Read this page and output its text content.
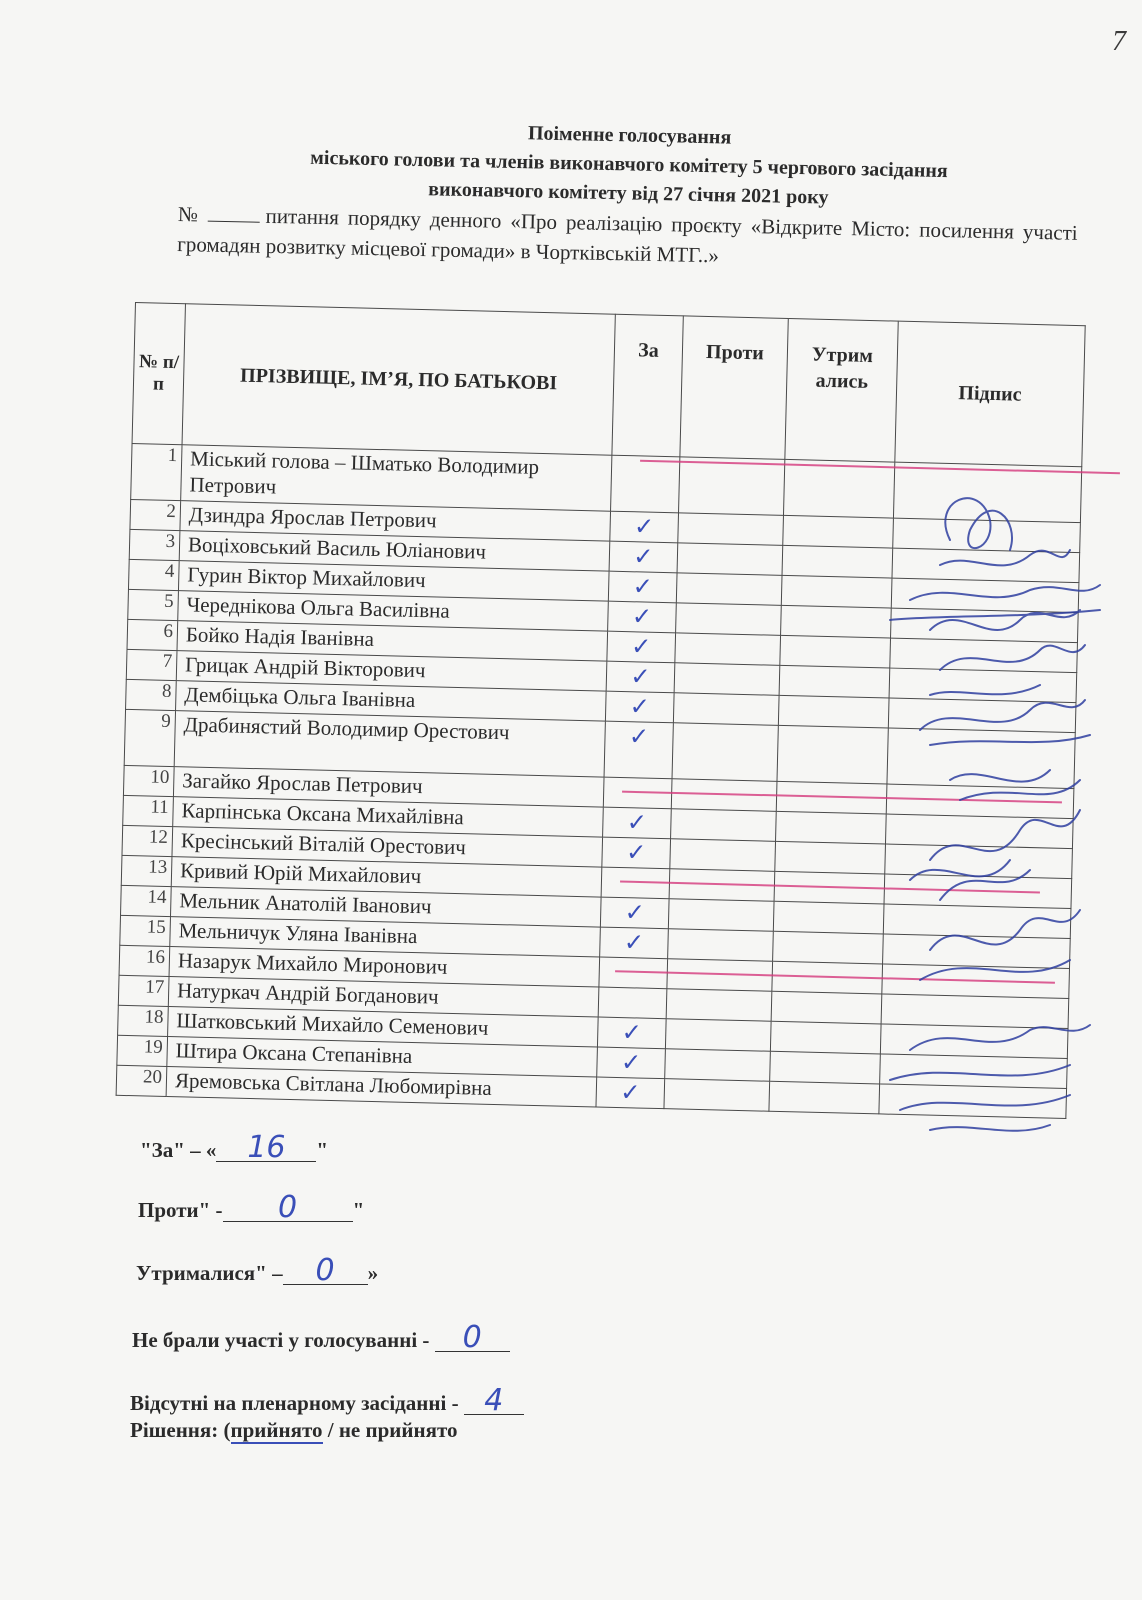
7
Поіменне голосування
міського голови та членів виконавчого комітету 5 чергового засідання
виконавчого комітету від 27 січня 2021 року
№	питання порядку денного «Про реалізацію проєкту «Відкрите Місто: посилення участі громадян розвитку місцевої громади» в Чортківській МТГ..»
№ п/п	ПРІЗВИЩЕ, ІМ’Я, ПО БАТЬКОВІ	За	Проти	Утрим ались	Підпис
1	Міський голова – Шматько Володимир Петрович				
2	Дзиндра Ярослав Петрович	✓			
3	Воціховський Василь Юліанович	✓			
4	Гурин Віктор Михайлович	✓			
5	Череднікова Ольга Василівна	✓			
6	Бойко Надія Іванівна	✓			
7	Грицак Андрій Вікторович	✓			
8	Дембіцька Ольга Іванівна	✓			
9	Драбинястий Володимир Орестович	✓			
10	Загайко Ярослав Петрович				
11	Карпінська Оксана Михайлівна	✓			
12	Кресінський Віталій Орестович	✓			
13	Кривий Юрій Михайлович				
14	Мельник Анатолій Іванович	✓			
15	Мельничук Уляна Іванівна	✓			
16	Назарук Михайло Миронович				
17	Натуркач Андрій Богданович				
18	Шатковський Михайло Семенович	✓			
19	Штира Оксана Степанівна	✓			
20	Яремовська Світлана Любомирівна	✓			
"За" – « 16 "
Проти" - 0	"
Утрималися" – 0 »
Не брали участі у голосуванні - 0
Відсутні на пленарному засіданні - 4
Рішення: (прийнято / не прийнято
